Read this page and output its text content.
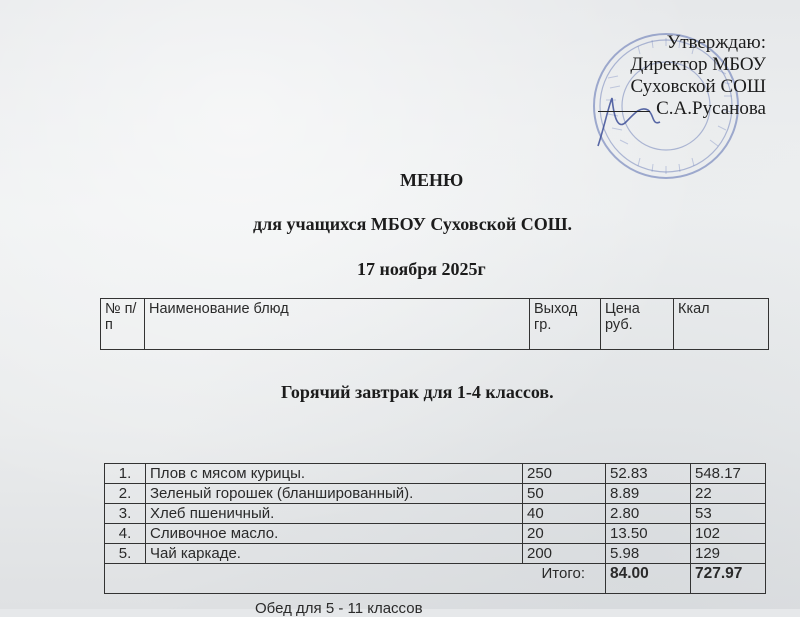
Утверждаю:
Директор МБОУ
Суховской СОШ
С.А.Русанова
МЕНЮ
для учащихся МБОУ Суховской СОШ.
17 ноября 2025г
№ п/п	Наименование блюд	Выход гр.	Цена руб.	Ккал
Горячий завтрак для 1-4 классов.
1.	Плов с мясом курицы.	250	52.83	548.17
2.	Зеленый горошек (бланшированный).	50	8.89	22
3.	Хлеб пшеничный.	40	2.80	53
4.	Сливочное масло.	20	13.50	102
5.	Чай каркаде.	200	5.98	129
Итого:			84.00	727.97
Обед для 5 - 11 классов
